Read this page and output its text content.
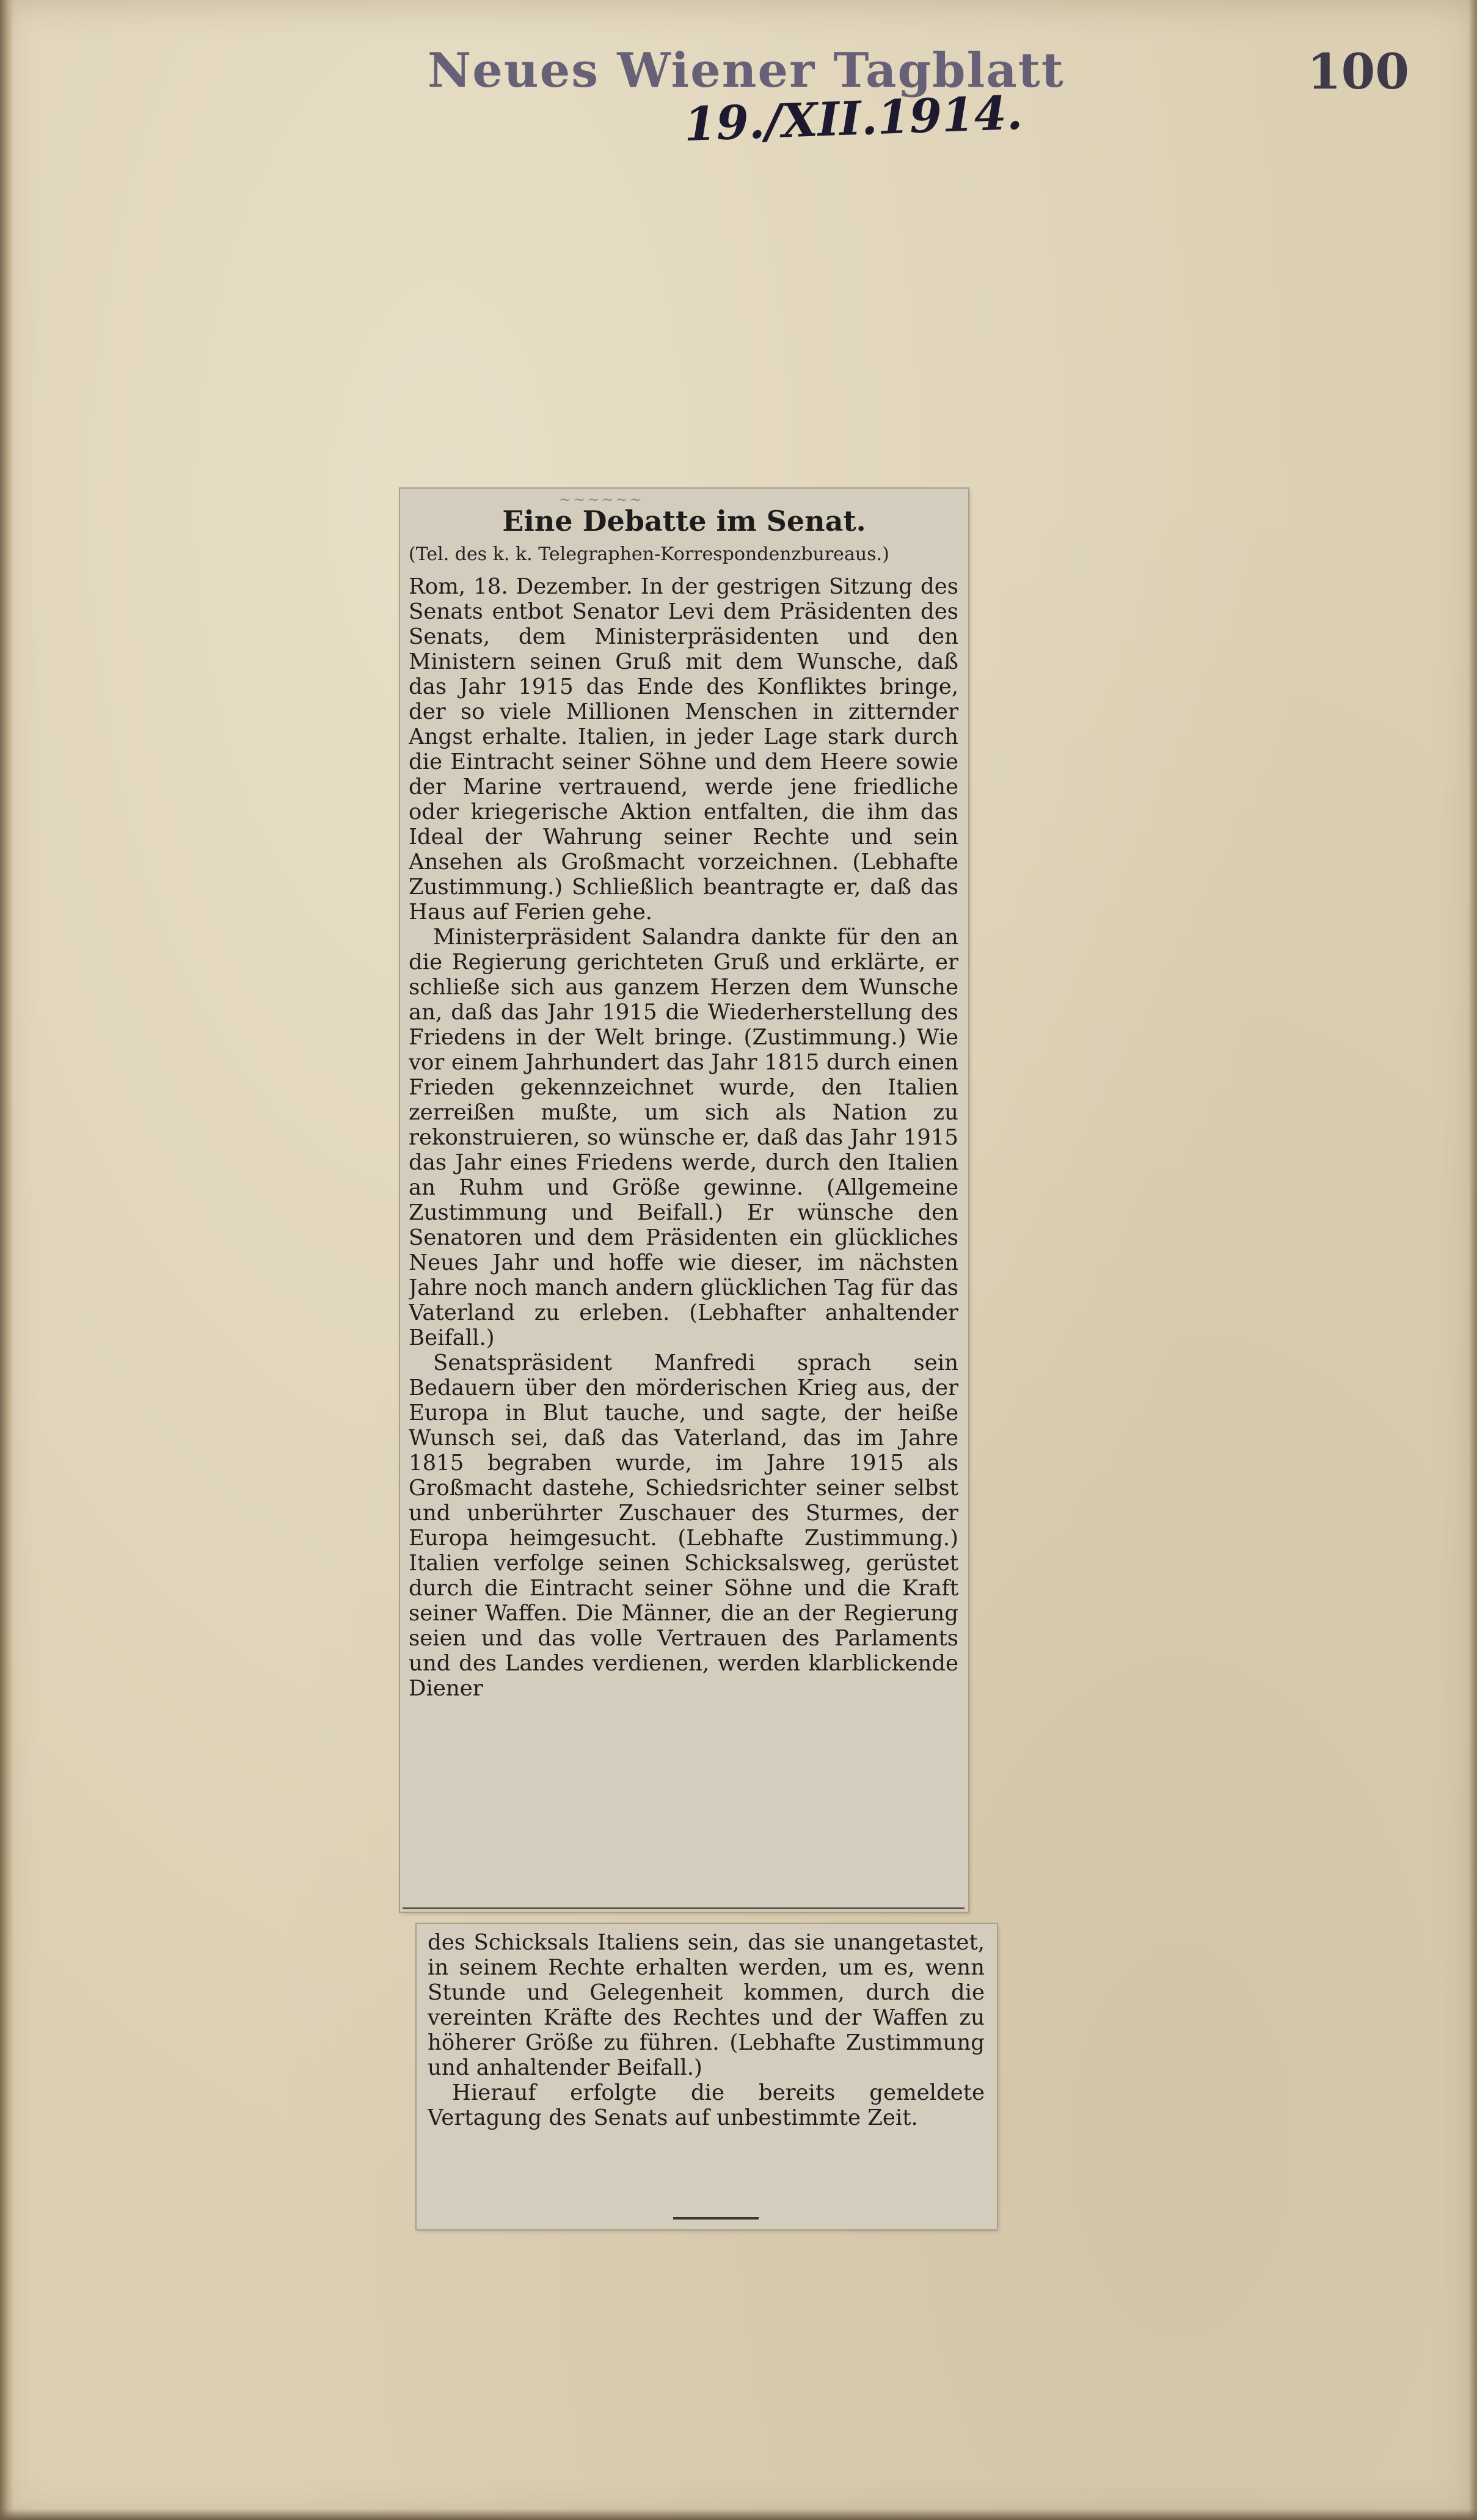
Neues Wiener Tagblatt	100
19./XII.1914.
~~~~~~
Eine Debatte im Senat.
(Tel. des k. k. Telegraphen-Korrespondenzbureaus.)

Rom, 18. Dezember. In der gestrigen Sitzung des Senats entbot Senator Levi dem Präsidenten des Senats, dem Ministerpräsidenten und den Ministern seinen Gruß mit dem Wunsche, daß das Jahr 1915 das Ende des Konfliktes bringe, der so viele Millionen Menschen in zitternder Angst erhalte. Italien, in jeder Lage stark durch die Eintracht seiner Söhne und dem Heere sowie der Marine vertrauend, werde jene friedliche oder kriegerische Aktion entfalten, die ihm das Ideal der Wahrung seiner Rechte und sein Ansehen als Großmacht vorzeichnen. (Lebhafte Zustimmung.) Schließlich beantragte er, daß das Haus auf Ferien gehe.

Ministerpräsident Salandra dankte für den an die Regierung gerichteten Gruß und erklärte, er schließe sich aus ganzem Herzen dem Wunsche an, daß das Jahr 1915 die Wiederherstellung des Friedens in der Welt bringe. (Zustimmung.) Wie vor einem Jahrhundert das Jahr 1815 durch einen Frieden gekennzeichnet wurde, den Italien zerreißen mußte, um sich als Nation zu rekonstruieren, so wünsche er, daß das Jahr 1915 das Jahr eines Friedens werde, durch den Italien an Ruhm und Größe gewinne. (Allgemeine Zustimmung und Beifall.) Er wünsche den Senatoren und dem Präsidenten ein glückliches Neues Jahr und hoffe wie dieser, im nächsten Jahre noch manch andern glücklichen Tag für das Vaterland zu erleben. (Lebhafter anhaltender Beifall.)

Senatspräsident Manfredi sprach sein Bedauern über den mörderischen Krieg aus, der Europa in Blut tauche, und sagte, der heiße Wunsch sei, daß das Vaterland, das im Jahre 1815 begraben wurde, im Jahre 1915 als Großmacht dastehe, Schiedsrichter seiner selbst und unberührter Zuschauer des Sturmes, der Europa heimgesucht. (Lebhafte Zustimmung.) Italien verfolge seinen Schicksalsweg, gerüstet durch die Eintracht seiner Söhne und die Kraft seiner Waffen. Die Männer, die an der Regierung seien und das volle Vertrauen des Parlaments und des Landes verdienen, werden klarblickende Diener

des Schicksals Italiens sein, das sie unangetastet, in seinem Rechte erhalten werden, um es, wenn Stunde und Gelegenheit kommen, durch die vereinten Kräfte des Rechtes und der Waffen zu höherer Größe zu führen. (Lebhafte Zustimmung und anhaltender Beifall.)

Hierauf erfolgte die bereits gemeldete Vertagung des Senats auf unbestimmte Zeit.
